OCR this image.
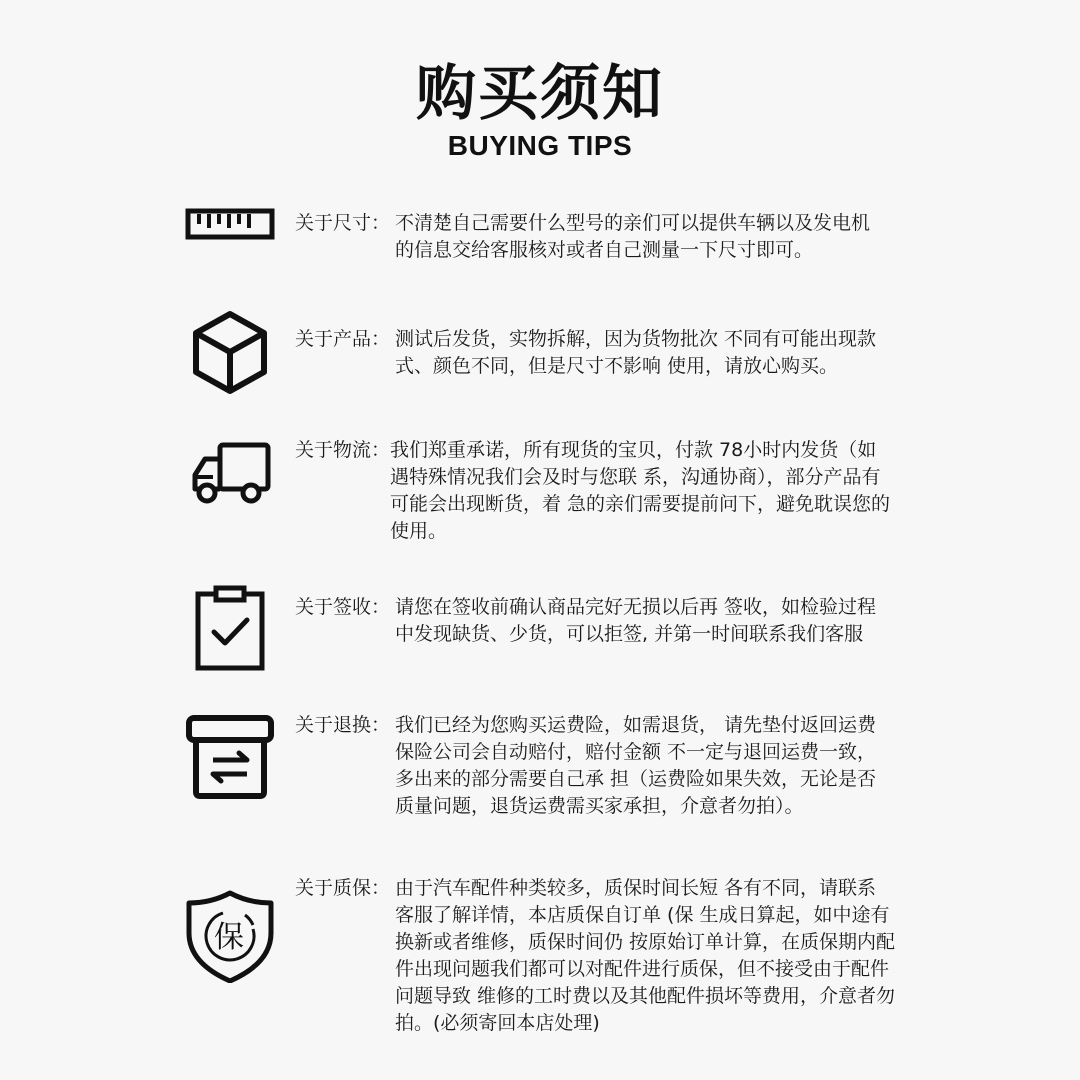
购买须知
BUYING TIPS
关于尺寸： 不清楚自己需要什么型号的亲们可以提供车辆以及发电机
的信息交给客服核对或者自己测量一下尺寸即可。
关于产品： 测试后发货，实物拆解，因为货物批次 不同有可能出现款
式、颜色不同，但是尺寸不影响 使用，请放心购买。
关于物流： 我们郑重承诺，所有现货的宝贝，付款 78小时内发货（如
遇特殊情况我们会及时与您联 系，沟通协商），部分产品有
可能会出现断货，着 急的亲们需要提前问下，避免耽误您的
使用。
关于签收： 请您在签收前确认商品完好无损以后再 签收，如检验过程
中发现缺货、少货，可以拒签, 并第一时间联系我们客服
关于退换： 我们已经为您购买运费险，如需退货， 请先垫付返回运费
保险公司会自动赔付，赔付金额 不一定与退回运费一致，
多出来的部分需要自己承 担（运费险如果失效，无论是否
质量问题，退货运费需买家承担，介意者勿拍）。
保
关于质保： 由于汽车配件种类较多，质保时间长短 各有不同，请联系
客服了解详情，本店质保自订单 (保 生成日算起，如中途有
换新或者维修，质保时间仍 按原始订单计算，在质保期内配
件出现问题我们都可以对配件进行质保，但不接受由于配件
问题导致 维修的工时费以及其他配件损坏等费用，介意者勿
拍。(必须寄回本店处理)
